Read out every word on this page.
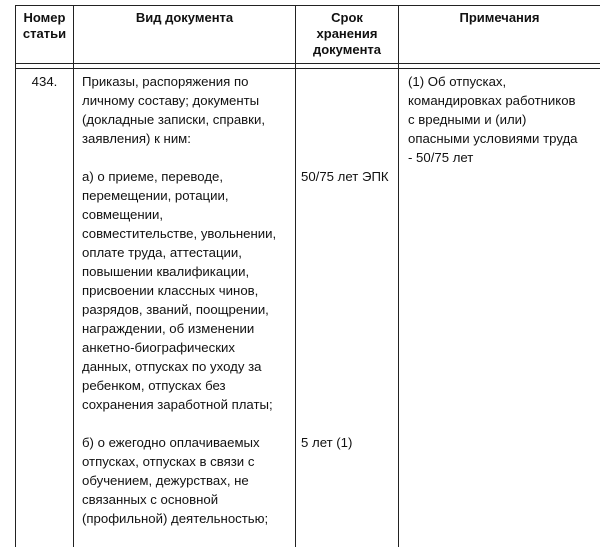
Номер
статьи
Вид документа	Срок
хранения
документа
Примечания
434.	Приказы, распоряжения по
личному составу; документы
(докладные записки, справки,
заявления) к ним:
а) о приеме, переводе,
перемещении, ротации,
совмещении,
совместительстве, увольнении,
оплате труда, аттестации,
повышении квалификации,
присвоении классных чинов,
разрядов, званий, поощрении,
награждении, об изменении
анкетно-биографических
данных, отпусках по уходу за
ребенком, отпусках без
сохранения заработной платы;
б) о ежегодно оплачиваемых
отпусках, отпусках в связи с
обучением, дежурствах, не
связанных с основной
(профильной) деятельностью;
50/75 лет ЭПК
5 лет (1)
(1) Об отпусках,
командировках работников
с вредными и (или)
опасными условиями труда
- 50/75 лет
